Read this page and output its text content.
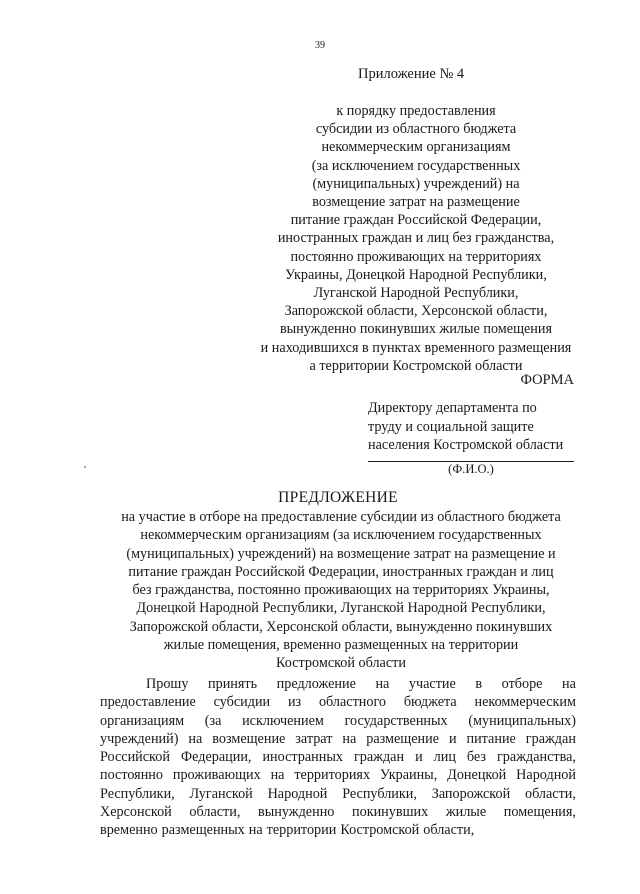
39
Приложение № 4
к порядку предоставления
субсидии из областного бюджета
некоммерческим организациям
(за исключением государственных
(муниципальных) учреждений) на
возмещение затрат на размещение
питание граждан Российской Федерации,
иностранных граждан и лиц без гражданства,
постоянно проживающих на территориях
Украины, Донецкой Народной Республики,
Луганской Народной Республики,
Запорожской области, Херсонской области,
вынужденно покинувших жилые помещения
и находившихся в пунктах временного размещения
а территории Костромской области
ФОРМА
Директору департамента по
труду и социальной защите
населения Костромской области
(Ф.И.О.)
ПРЕДЛОЖЕНИЕ
на участие в отборе на предоставление субсидии из областного бюджета
некоммерческим организациям (за исключением государственных
(муниципальных) учреждений) на возмещение затрат на размещение и
питание граждан Российской Федерации, иностранных граждан и лиц
без гражданства, постоянно проживающих на территориях Украины,
Донецкой Народной Республики, Луганской Народной Республики,
Запорожской области, Херсонской области, вынужденно покинувших
жилые помещения, временно размещенных на территории
Костромской области
Прошу принять предложение на участие в отборе на
предоставление субсидии из областного бюджета некоммерческим
организациям (за исключением государственных (муниципальных)
учреждений) на возмещение затрат на размещение и питание граждан
Российской Федерации, иностранных граждан и лиц без гражданства,
постоянно проживающих на территориях Украины, Донецкой Народной
Республики, Луганской Народной Республики, Запорожской области,
Херсонской области, вынужденно покинувших жилые помещения,
временно размещенных на территории Костромской области,
